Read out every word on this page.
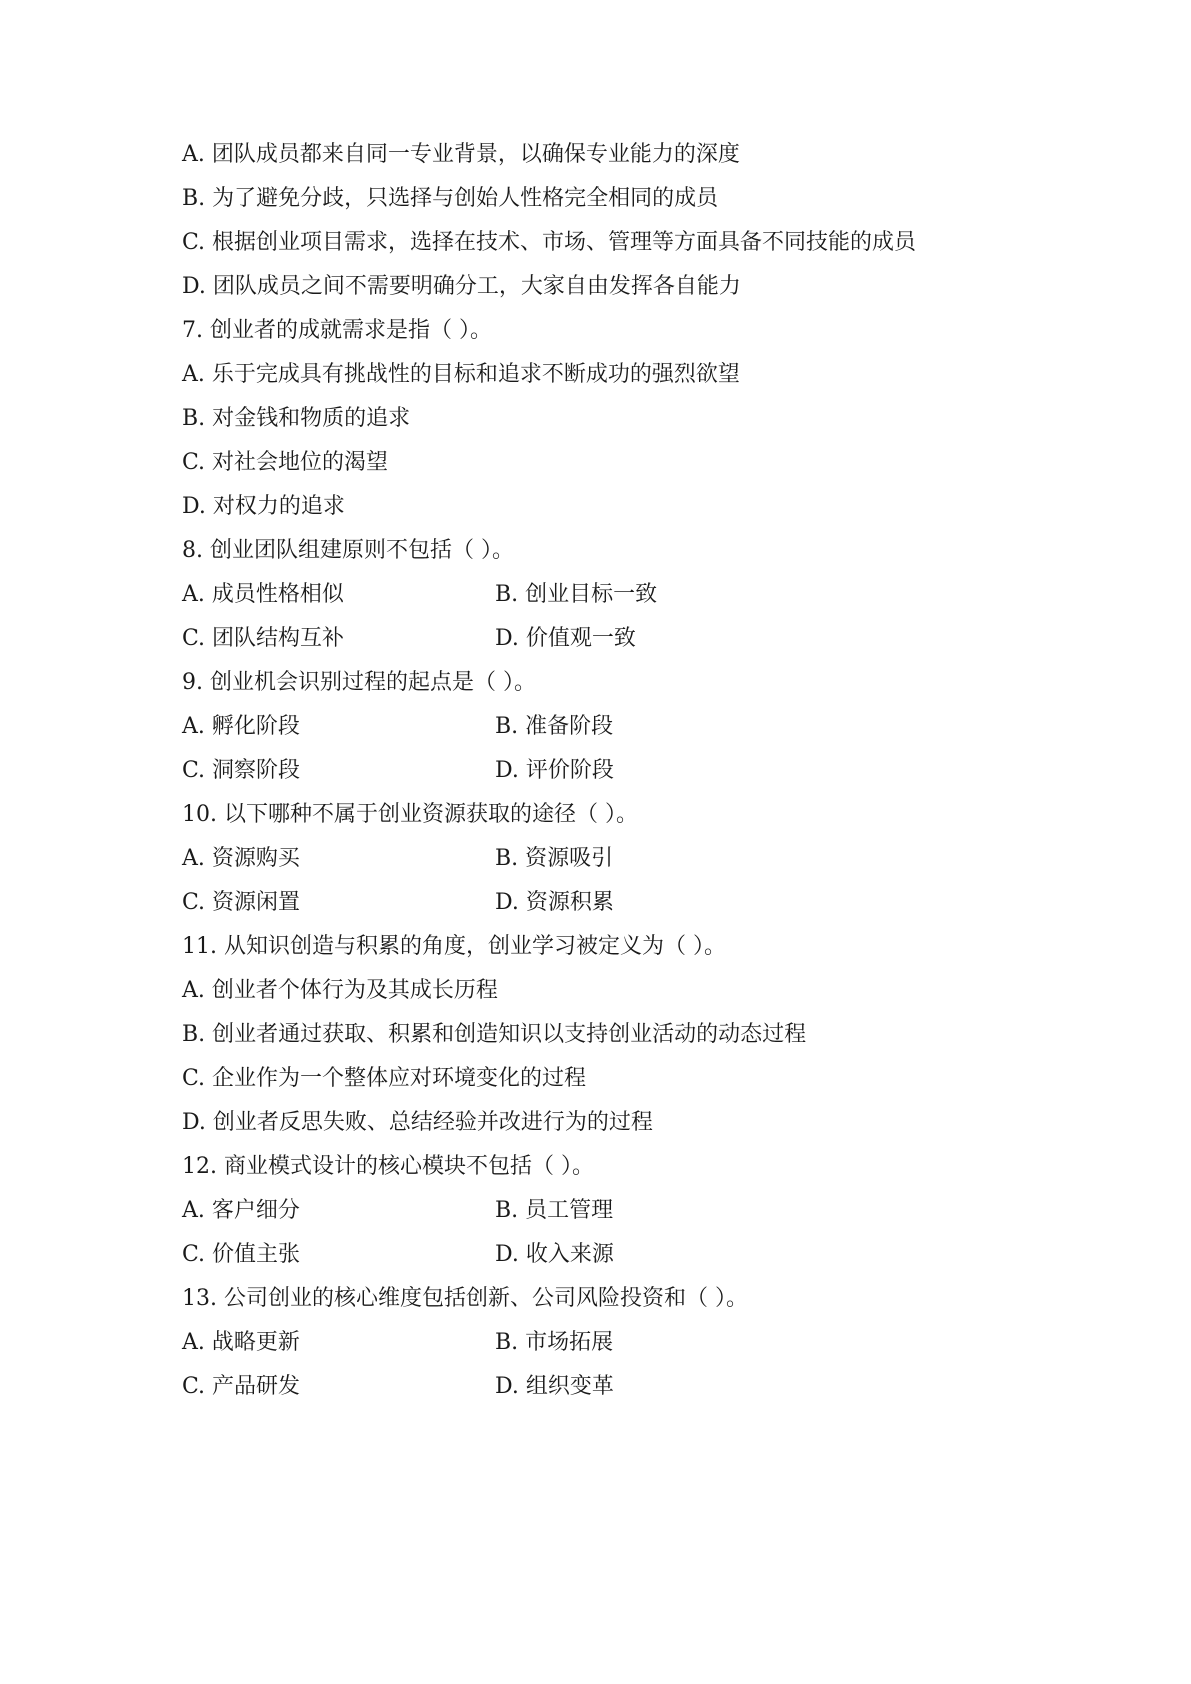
A. 团队成员都来自同一专业背景，以确保专业能力的深度
B. 为了避免分歧，只选择与创始人性格完全相同的成员
C. 根据创业项目需求，选择在技术、市场、管理等方面具备不同技能的成员
D. 团队成员之间不需要明确分工，大家自由发挥各自能力
7. 创业者的成就需求是指（ ）。
A. 乐于完成具有挑战性的目标和追求不断成功的强烈欲望
B. 对金钱和物质的追求
C. 对社会地位的渴望
D. 对权力的追求
8. 创业团队组建原则不包括（ ）。
A. 成员性格相似	B. 创业目标一致
C. 团队结构互补	D. 价值观一致
9. 创业机会识别过程的起点是（ ）。
A. 孵化阶段	B. 准备阶段
C. 洞察阶段	D. 评价阶段
10. 以下哪种不属于创业资源获取的途径（ ）。
A. 资源购买	B. 资源吸引
C. 资源闲置	D. 资源积累
11. 从知识创造与积累的角度，创业学习被定义为（ ）。
A. 创业者个体行为及其成长历程
B. 创业者通过获取、积累和创造知识以支持创业活动的动态过程
C. 企业作为一个整体应对环境变化的过程
D. 创业者反思失败、总结经验并改进行为的过程
12. 商业模式设计的核心模块不包括（ ）。
A. 客户细分	B. 员工管理
C. 价值主张	D. 收入来源
13. 公司创业的核心维度包括创新、公司风险投资和（ ）。
A. 战略更新	B. 市场拓展
C. 产品研发	D. 组织变革
